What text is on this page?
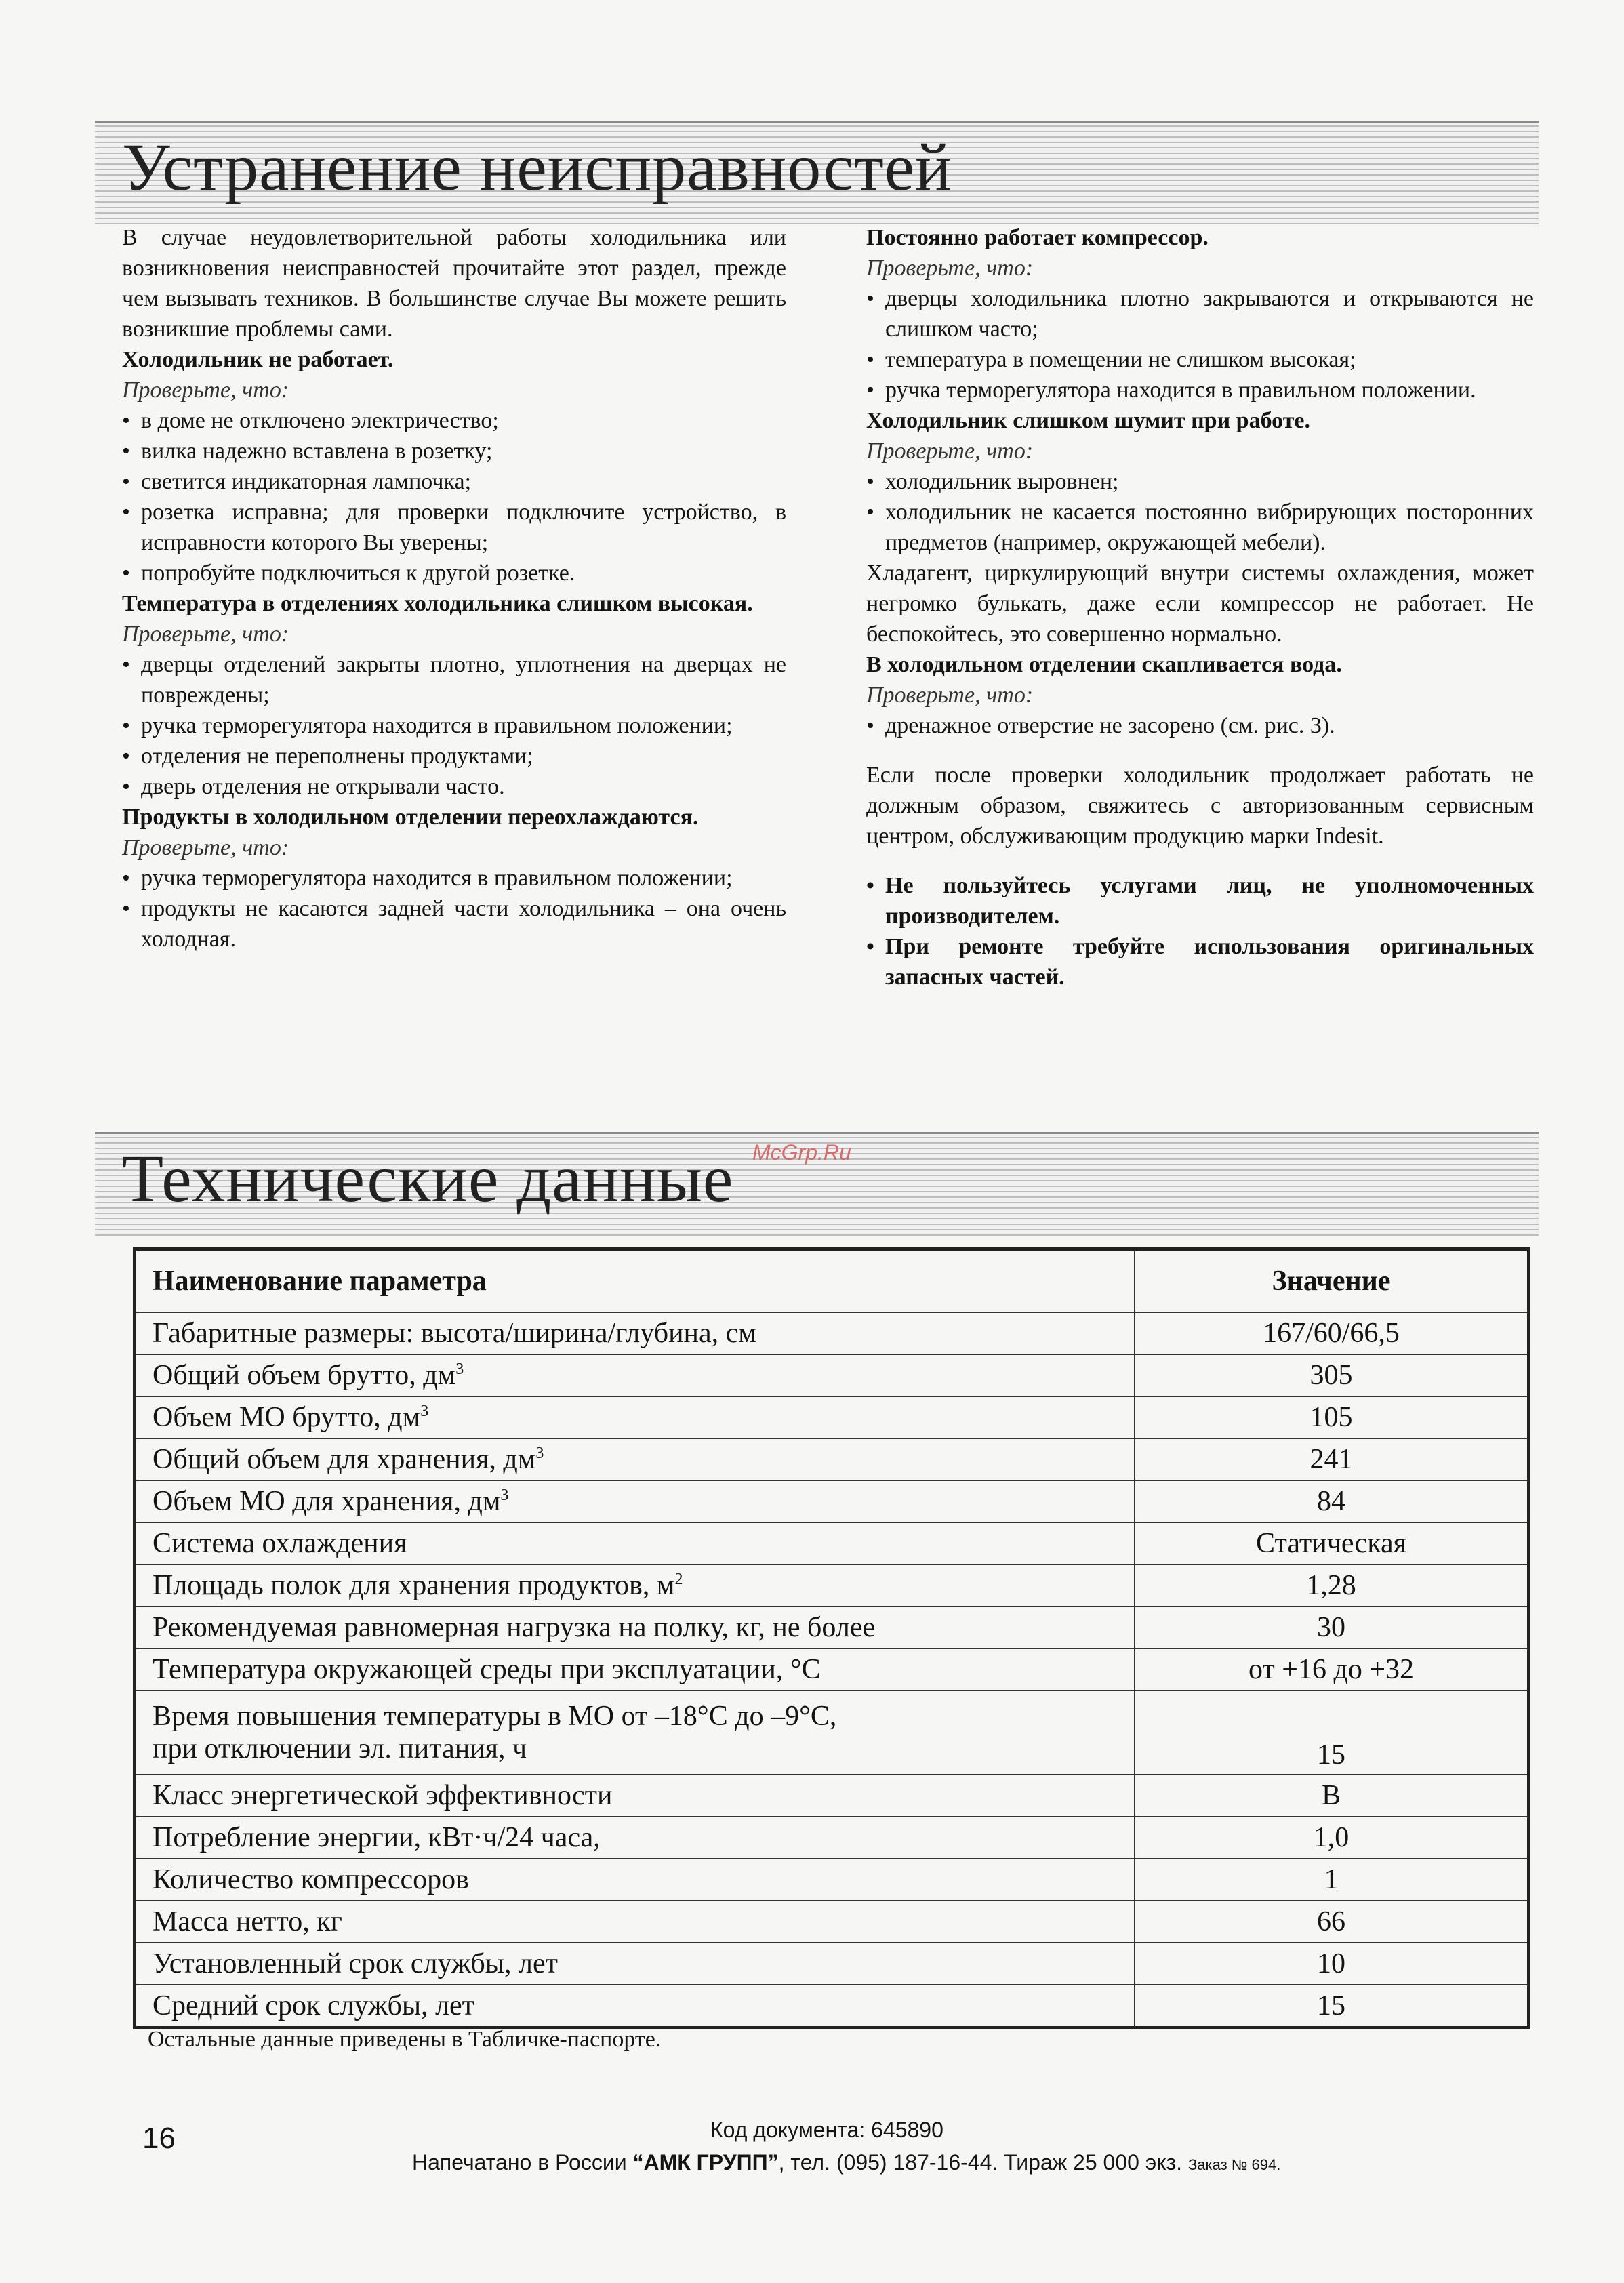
Устранение неисправностей

В случае неудовлетворительной работы холодильника или возникновения неисправностей прочитайте этот раздел, прежде чем вызывать техников. В большинстве случае Вы можете решить возникшие проблемы сами.

Холодильник не работает.

Проверьте, что:

• в доме не отключено электричество;
• вилка надежно вставлена в розетку;
• светится индикаторная лампочка;
• розетка исправна; для проверки подключите устройство, в исправности которого Вы уверены;
• попробуйте подключиться к другой розетке.

Температура в отделениях холодильника слишком высокая.

Проверьте, что:

• дверцы отделений закрыты плотно, уплотнения на дверцах не повреждены;
• ручка терморегулятора находится в правильном положении;
• отделения не переполнены продуктами;
• дверь отделения не открывали часто.

Продукты в холодильном отделении переохлаждаются.

Проверьте, что:

• ручка терморегулятора находится в правильном положении;
• продукты не касаются задней части холодильника – она очень холодная.

Постоянно работает компрессор.

Проверьте, что:

• дверцы холодильника плотно закрываются и открываются не слишком часто;
• температура в помещении не слишком высокая;
• ручка терморегулятора находится в правильном положении.

Холодильник слишком шумит при работе.

Проверьте, что:

• холодильник выровнен;
• холодильник не касается постоянно вибрирующих посторонних предметов (например, окружающей мебели).

Хладагент, циркулирующий внутри системы охлаждения, может негромко булькать, даже если компрессор не работает. Не беспокойтесь, это совершенно нормально.

В холодильном отделении скапливается вода.

Проверьте, что:

• дренажное отверстие не засорено (см. рис. 3).

Если после проверки холодильник продолжает работать не должным образом, свяжитесь с авторизованным сервисным центром, обслуживающим продукцию марки Indesit.

• Не пользуйтесь услугами лиц, не уполномоченных производителем.
• При ремонте требуйте использования оригинальных запасных частей.
Технические данные McGrp.Ru
Наименование параметра	Значение
Габаритные размеры: высота/ширина/глубина, см	167/60/66,5
Общий объем брутто, $дм^3$	305
Объем МО брутто, $дм^3$	105
Общий объем для хранения, $дм^3$	241
Объем МО для хранения, $дм^3$	84
Система охлаждения	Статическая
Площадь полок для хранения продуктов, $м^2$	1,28
Рекомендуемая равномерная нагрузка на полку, кг, не более	30
Температура окружающей среды при эксплуатации, °С	от +16 до +32
Время повышения температуры в МО от –18°С до –9°С,
при отключении эл. питания, ч	15
Класс энергетической эффективности	B
Потребление энергии, кВт·ч/24 часа,	1,0
Количество компрессоров	1
Масса нетто, кг	66
Установленный срок службы, лет	10
Средний срок службы, лет	15
Остальные данные приведены в Табличке-паспорте.
16	Код документа: 645890
Напечатано в России “АМК ГРУПП”, тел. (095) 187-16-44. Тираж 25 000 экз. Заказ № 694.
